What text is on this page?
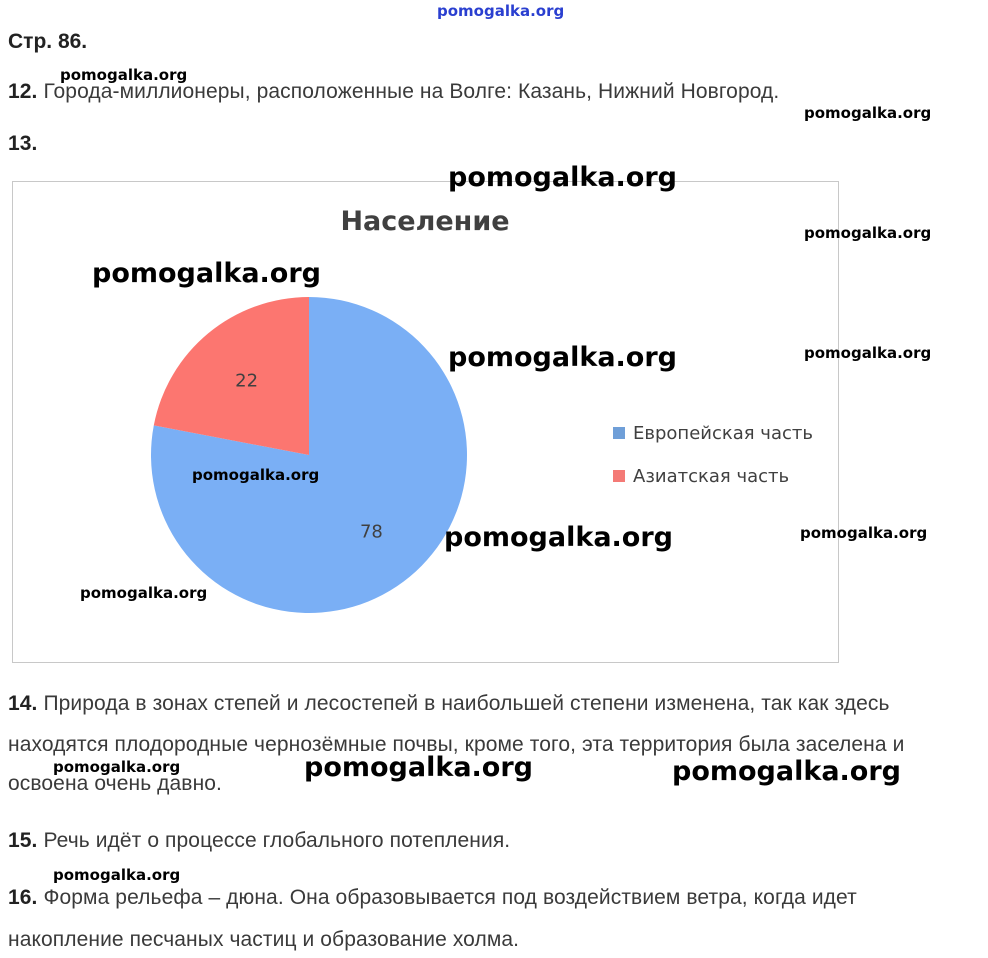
pomogalka.org
Стр. 86.
12. Города-миллионеры, расположенные на Волге: Казань, Нижний Новгород.
13.
Население
78
22
Европейская часть
Азиатская часть
14. Природа в зонах степей и лесостепей в наибольшей степени изменена, так как здесь
находятся плодородные чернозёмные почвы, кроме того, эта территория была заселена и
освоена очень давно.
15. Речь идёт о процессе глобального потепления.
16. Форма рельефа – дюна. Она образовывается под воздействием ветра, когда идет
накопление песчаных частиц и образование холма.
pomogalka.org
pomogalka.org
pomogalka.org
pomogalka.org
pomogalka.org
pomogalka.org	pomogalka.org
pomogalka.org
pomogalka.org
pomogalka.org
pomogalka.org
pomogalka.org	pomogalka.org	pomogalka.org
pomogalka.org
